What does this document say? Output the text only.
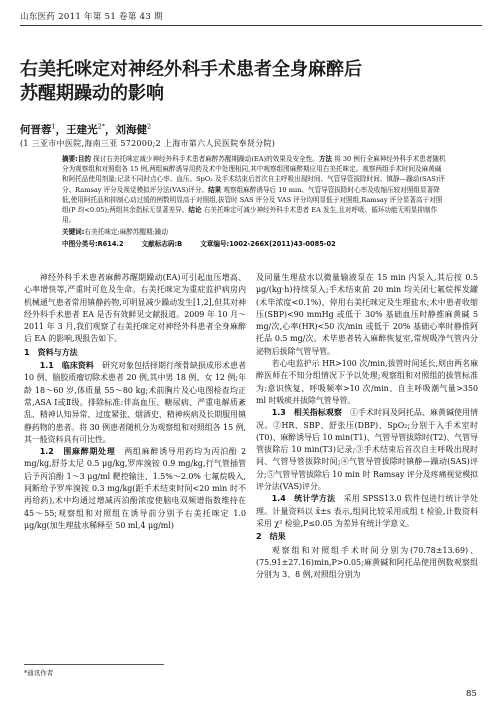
山东医药 2011 年第 51 卷第 43 期
右美托咪定对神经外科手术患者全身麻醉后
苏醒期躁动的影响
何晋蓉$^1$，王建光$^{2*}$，刘海健$^2$
(1 三亚市中医院,海南三亚 572000;2 上海市第六人民医院奉贤分院)
摘要:目的 探讨右美托咪定减少神经外科手术患者麻醉苏醒期躁动(EA)的效果及安全性。方法 将 30 例行全麻神经外科手术患者随机分为观察组和对照组各 15 例,两组麻醉诱导用药及术中处理相同,其中观察组围麻醉期应用右美托咪定。观察两组手术时间及麻黄碱和阿托品使用剂量;记录不同时点心率、血压、SpO₂ 及手术结束后首次自主呼吸出现时间、气管导管拔除时间、镇静—躁动(SAS)评分、Ramsay 评分及视觉模拟评分法(VAS)评分。结果 观察组麻醉诱导后 10 min、气管导管拔除时心率及收缩压较对照组显著降低,使用阿托品和抑制心动过缓的例数明显高于对照组,拔管时 SAS 评分及 VAS 评分均明显低于对照组,Ramsay 评分显著高于对照组(P 均<0.05);两组其余指标无显著差异。结论 右美托咪定可减少神经外科手术患者 EA 发生,且对呼吸、循环功能无明显抑制作用。
关键词:右美托咪定;麻醉苏醒期;躁动
中图分类号:R614.2	文献标志码:B	文章编号:1002-266X(2011)43-0085-02

神经外科手术患者麻醉苏醒期躁动(EA)可引起血压增高、心率增快等,严重时可危及生命。右美托咪定为重症监护病房内机械通气患者常用镇静药物,可明显减少躁动发生[1,2],但其对神经外科手术患者 EA 是否有效鲜见文献报道。2009 年 10 月～2011 年 3 月,我们观察了右美托咪定对神经外科患者全身麻醉后 EA 的影响,现报告如下。

1　资料与方法

1.1　临床资料　研究对象包括择期行颅骨缺损成形术患者 10 例、脑胶质瘤切除术患者 20 例,其中男 18 例、女 12 例;年龄 18～60 岁,体质量 55～80 kg;术前胸片及心电图检查均正常,ASA Ⅰ或Ⅱ级。排除标准:伴高血压、糖尿病、严重电解质紊乱、精神认知异常、过度紧张、烟酒史、精神疾病及长期服用镇静药物的患者。将 30 例患者随机分为观察组和对照组各 15 例,其一般资料具有可比性。

1.2　围麻醉期处理　两组麻醉诱导用药均为丙泊酚 2 mg/kg,舒芬太尼 0.5 μg/kg,罗库溴铵 0.9 mg/kg,行气管插管后予丙泊酚 1～3 μg/ml 靶控输注、1.5%～2.0% 七氟烷吸入,间断给予罗库溴铵 0.3 mg/kg(距手术结束时间<20 min 时不再给药),术中均通过增减丙泊酚浓度使脑电双频谱指数维持在 45～55;观察组和对照组在诱导前分别予右美托咪定 1.0 μg/kg(加生理盐水稀释至 50 ml,4 μg/ml)

及同量生理盐水以微量输液泵在 15 min 内泵入,其后按 0.5 μg/(kg·h)持续泵入;手术结束前 20 min 均关闭七氟烷挥发罐(术毕浓度<0.1%)、停用右美托咪定及生理盐水;术中患者收缩压(SBP)<90 mmHg 或低于 30% 基础血压时静推麻黄碱 5 mg/次,心率(HR)<50 次/min 或低于 20% 基础心率时静推阿托品 0.5 mg/次。术毕患者转入麻醉恢复室,常规吸净气管内分泌物后拔除气管导管。

若心电监护示 HR>100 次/min,拔管时间延长,则由两名麻醉医师在不知分组情况下予以处理;观察组和对照组的拔管标准为:意识恢复、呼吸频率>10 次/min、自主呼吸潮气量>350 ml 时吸痰并拔除气管导管。

1.3　相关指标观察　①手术时间及阿托品、麻黄碱使用情况。②HR、SBP、舒张压(DBP)、SpO₂;分别于入手术室时(T0)、麻醉诱导后 10 min(T1)、气管导管拔除时(T2)、气管导管拔除后 10 min(T3)记录;③手术结束后首次自主呼吸出现时间、气管导管拔除时间;④气管导管拔除时镇静—躁动(SAS)评分;⑤气管导管拔除后 10 min 时 Ramsay 评分及疼痛视觉模拟评分法(VAS)评分。

1.4　统计学方法　采用 SPSS13.0 软件包进行统计学处理。计量资料以 x̄±s 表示,组间比较采用成组 t 检验,计数资料采用 χ² 检验,P≤0.05 为差异有统计学意义。

2　结果

观察组和对照组手术时间分别为(70.78±13.69)、(75.91±27.16)min,P>0.05;麻黄碱和阿托品使用例数观察组分别为 3、8 例,对照组分别为

*通讯作者
85
